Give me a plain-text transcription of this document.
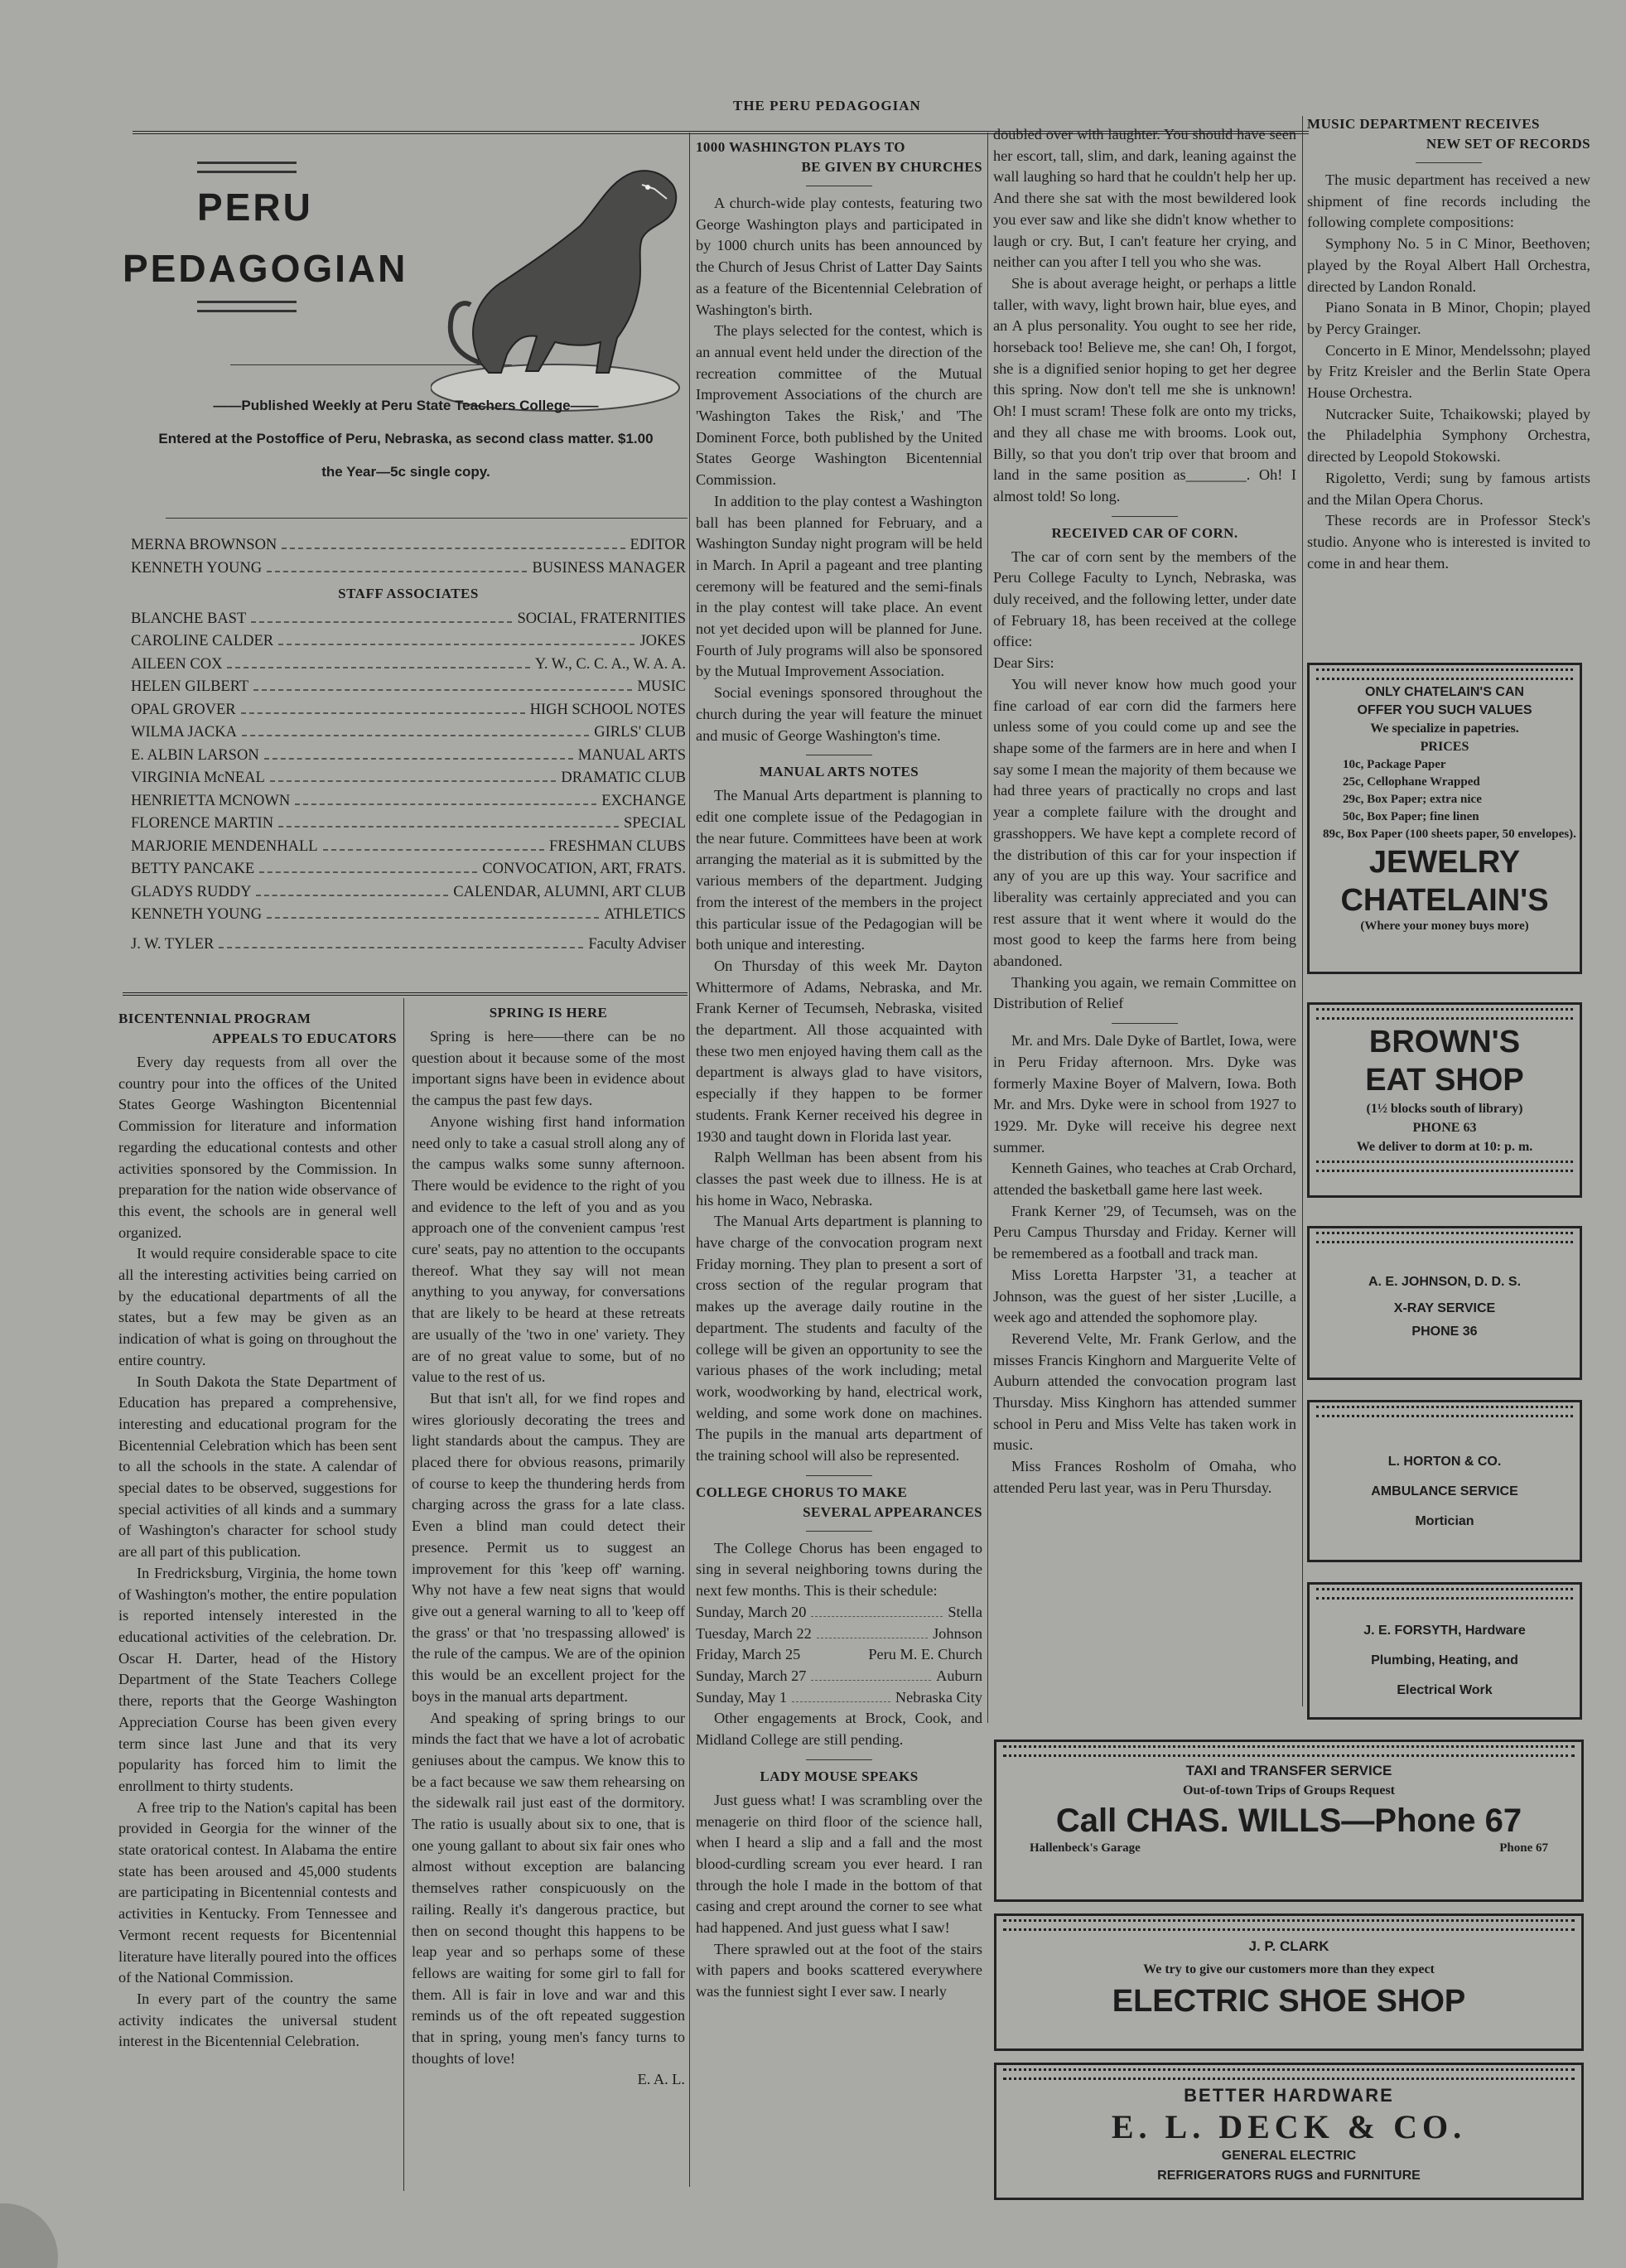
THE PERU PEDAGOGIAN
PERU
PEDAGOGIAN
——Published Weekly at Peru State Teachers College——
Entered at the Postoffice of Peru, Nebraska, as second class matter. $1.00
the Year—5c single copy.
MERNA BROWNSON	EDITOR
KENNETH YOUNG	BUSINESS MANAGER
STAFF ASSOCIATES
BLANCHE BAST	SOCIAL, FRATERNITIES
CAROLINE CALDER	JOKES
AILEEN COX	Y. W., C. C. A., W. A. A.
HELEN GILBERT	MUSIC
OPAL GROVER	HIGH SCHOOL NOTES
WILMA JACKA	GIRLS' CLUB
E. ALBIN LARSON	MANUAL ARTS
VIRGINIA McNEAL	DRAMATIC CLUB
HENRIETTA MCNOWN	EXCHANGE
FLORENCE MARTIN	SPECIAL
MARJORIE MENDENHALL	FRESHMAN CLUBS
BETTY PANCAKE	CONVOCATION, ART, FRATS.
GLADYS RUDDY	CALENDAR, ALUMNI, ART CLUB
KENNETH YOUNG	ATHLETICS
J. W. TYLER	Faculty Adviser
BICENTENNIAL PROGRAM
APPEALS TO EDUCATORS

Every day requests from all over the country pour into the offices of the United States George Washington Bicentennial Commission for literature and information regarding the educational contests and other activities sponsored by the Commission. In preparation for the nation wide observance of this event, the schools are in general well organized.

It would require considerable space to cite all the interesting activities being carried on by the educational departments of all the states, but a few may be given as an indication of what is going on throughout the entire country.

In South Dakota the State Department of Education has prepared a comprehensive, interesting and educational program for the Bicentennial Celebration which has been sent to all the schools in the state. A calendar of special dates to be observed, suggestions for special activities of all kinds and a summary of Washington's character for school study are all part of this publication.

In Fredricksburg, Virginia, the home town of Washington's mother, the entire population is reported intensely interested in the educational activities of the celebration. Dr. Oscar H. Darter, head of the History Department of the State Teachers College there, reports that the George Washington Appreciation Course has been given every term since last June and that its very popularity has forced him to limit the enrollment to thirty students.

A free trip to the Nation's capital has been provided in Georgia for the winner of the state oratorical contest. In Alabama the entire state has been aroused and 45,000 students are participating in Bicentennial contests and activities in Kentucky. From Tennessee and Vermont recent requests for Bicentennial literature have literally poured into the offices of the National Commission.

In every part of the country the same activity indicates the universal student interest in the Bicentennial Celebration.

SPRING IS HERE

Spring is here——there can be no question about it because some of the most important signs have been in evidence about the campus the past few days.

Anyone wishing first hand information need only to take a casual stroll along any of the campus walks some sunny afternoon. There would be evidence to the right of you and evidence to the left of you and as you approach one of the convenient campus 'rest cure' seats, pay no attention to the occupants thereof. What they say will not mean anything to you anyway, for conversations that are likely to be heard at these retreats are usually of the 'two in one' variety. They are of no great value to some, but of no value to the rest of us.

But that isn't all, for we find ropes and wires gloriously decorating the trees and light standards about the campus. They are placed there for obvious reasons, primarily of course to keep the thundering herds from charging across the grass for a late class. Even a blind man could detect their presence. Permit us to suggest an improvement for this 'keep off' warning. Why not have a few neat signs that would give out a general warning to all to 'keep off the grass' or that 'no trespassing allowed' is the rule of the campus. We are of the opinion this would be an excellent project for the boys in the manual arts department.

And speaking of spring brings to our minds the fact that we have a lot of acrobatic geniuses about the campus. We know this to be a fact because we saw them rehearsing on the sidewalk rail just east of the dormitory. The ratio is usually about six to one, that is one young gallant to about six fair ones who almost without exception are balancing themselves rather conspicuously on the railing. Really it's dangerous practice, but then on second thought this happens to be leap year and so perhaps some of these fellows are waiting for some girl to fall for them. All is fair in love and war and this reminds us of the oft repeated suggestion that in spring, young men's fancy turns to thoughts of love!

E. A. L.
1000 WASHINGTON PLAYS TO
BE GIVEN BY CHURCHES

A church-wide play contests, featuring two George Washington plays and participated in by 1000 church units has been announced by the Church of Jesus Christ of Latter Day Saints as a feature of the Bicentennial Celebration of Washington's birth.

The plays selected for the contest, which is an annual event held under the direction of the recreation committee of the Mutual Improvement Associations of the church are 'Washington Takes the Risk,' and 'The Dominent Force, both published by the United States George Washington Bicentennial Commission.

In addition to the play contest a Washington ball has been planned for February, and a Washington Sunday night program will be held in March. In April a pageant and tree planting ceremony will be featured and the semi-finals in the play contest will take place. An event not yet decided upon will be planned for June. Fourth of July programs will also be sponsored by the Mutual Improvement Association.

Social evenings sponsored throughout the church during the year will feature the minuet and music of George Washington's time.

MANUAL ARTS NOTES

The Manual Arts department is planning to edit one complete issue of the Pedagogian in the near future. Committees have been at work arranging the material as it is submitted by the various members of the department. Judging from the interest of the members in the project this particular issue of the Pedagogian will be both unique and interesting.

On Thursday of this week Mr. Dayton Whittermore of Adams, Nebraska, and Mr. Frank Kerner of Tecumseh, Nebraska, visited the department. All those acquainted with these two men enjoyed having them call as the department is always glad to have visitors, especially if they happen to be former students. Frank Kerner received his degree in 1930 and taught down in Florida last year.

Ralph Wellman has been absent from his classes the past week due to illness. He is at his home in Waco, Nebraska.

The Manual Arts department is planning to have charge of the convocation program next Friday morning. They plan to present a sort of cross section of the regular program that makes up the average daily routine in the department. The students and faculty of the college will be given an opportunity to see the various phases of the work including; metal work, woodworking by hand, electrical work, welding, and some work done on machines. The pupils in the manual arts department of the training school will also be represented.

COLLEGE CHORUS TO MAKE
SEVERAL APPEARANCES

The College Chorus has been engaged to sing in several neighboring towns during the next few months. This is their schedule:

Sunday, March 20	Stella
Tuesday, March 22	Johnson
Friday, March 25	Peru M. E. Church
Sunday, March 27	Auburn
Sunday, May 1	Nebraska City

Other engagements at Brock, Cook, and Midland College are still pending.

LADY MOUSE SPEAKS

Just guess what! I was scrambling over the menagerie on third floor of the science hall, when I heard a slip and a fall and the most blood-curdling scream you ever heard. I ran through the hole I made in the bottom of that casing and crept around the corner to see what had happened. And just guess what I saw!

There sprawled out at the foot of the stairs with papers and books scattered everywhere was the funniest sight I ever saw. I nearly

doubled over with laughter. You should have seen her escort, tall, slim, and dark, leaning against the wall laughing so hard that he couldn't help her up. And there she sat with the most bewildered look you ever saw and like she didn't know whether to laugh or cry. But, I can't feature her crying, and neither can you after I tell you who she was.

She is about average height, or perhaps a little taller, with wavy, light brown hair, blue eyes, and an A plus personality. You ought to see her ride, horseback too! Believe me, she can! Oh, I forgot, she is a dignified senior hoping to get her degree this spring. Now don't tell me she is unknown! Oh! I must scram! These folk are onto my tricks, and they all chase me with brooms. Look out, Billy, so that you don't trip over that broom and land in the same position as________. Oh! I almost told! So long.

RECEIVED CAR OF CORN.

The car of corn sent by the members of the Peru College Faculty to Lynch, Nebraska, was duly received, and the following letter, under date of February 18, has been received at the college office:

Dear Sirs:

You will never know how much good your fine carload of ear corn did the farmers here unless some of you could come up and see the shape some of the farmers are in here and when I say some I mean the majority of them because we had three years of practically no crops and last year a complete failure with the drought and grasshoppers. We have kept a complete record of the distribution of this car for your inspection if any of you are up this way. Your sacrifice and liberality was certainly appreciated and you can rest assure that it went where it would do the most good to keep the farms here from being abandoned.

Thanking you again, we remain Committee on Distribution of Relief

Mr. and Mrs. Dale Dyke of Bartlet, Iowa, were in Peru Friday afternoon. Mrs. Dyke was formerly Maxine Boyer of Malvern, Iowa. Both Mr. and Mrs. Dyke were in school from 1927 to 1929. Mr. Dyke will receive his degree next summer.

Kenneth Gaines, who teaches at Crab Orchard, attended the basketball game here last week.

Frank Kerner '29, of Tecumseh, was on the Peru Campus Thursday and Friday. Kerner will be remembered as a football and track man.

Miss Loretta Harpster '31, a teacher at Johnson, was the guest of her sister ,Lucille, a week ago and attended the sophomore play.

Reverend Velte, Mr. Frank Gerlow, and the misses Francis Kinghorn and Marguerite Velte of Auburn attended the convocation program last Thursday. Miss Kinghorn has attended summer school in Peru and Miss Velte has taken work in music.

Miss Frances Rosholm of Omaha, who attended Peru last year, was in Peru Thursday.

MUSIC DEPARTMENT RECEIVES
NEW SET OF RECORDS

The music department has received a new shipment of fine records including the following complete compositions:

Symphony No. 5 in C Minor, Beethoven; played by the Royal Albert Hall Orchestra, directed by Landon Ronald.

Piano Sonata in B Minor, Chopin; played by Percy Grainger.

Concerto in E Minor, Mendelssohn; played by Fritz Kreisler and the Berlin State Opera House Orchestra.

Nutcracker Suite, Tchaikowski; played by the Philadelphia Symphony Orchestra, directed by Leopold Stokowski.

Rigoletto, Verdi; sung by famous artists and the Milan Opera Chorus.

These records are in Professor Steck's studio. Anyone who is interested is invited to come in and hear them.

ONLY CHATELAIN'S CAN
OFFER YOU SUCH VALUES
We specialize in papetries.
PRICES
10c, Package Paper
25c, Cellophane Wrapped
29c, Box Paper; extra nice
50c, Box Paper; fine linen
89c, Box Paper (100 sheets paper, 50 envelopes).
JEWELRY
CHATELAIN'S
(Where your money buys more)
BROWN'S
EAT SHOP
(1½ blocks south of library)
PHONE 63
We deliver to dorm at 10: p. m.
A. E. JOHNSON, D. D. S.
X-RAY SERVICE
PHONE 36
L. HORTON & CO.
AMBULANCE SERVICE
Mortician
J. E. FORSYTH, Hardware
Plumbing, Heating, and
Electrical Work
TAXI and TRANSFER SERVICE
Out-of-town Trips of Groups Request
Call CHAS. WILLS—Phone 67
Hallenbeck's Garage	Phone 67
J. P. CLARK
We try to give our customers more than they expect
ELECTRIC SHOE SHOP
BETTER HARDWARE
E. L. DECK & CO.
GENERAL ELECTRIC
REFRIGERATORS RUGS and FURNITURE
